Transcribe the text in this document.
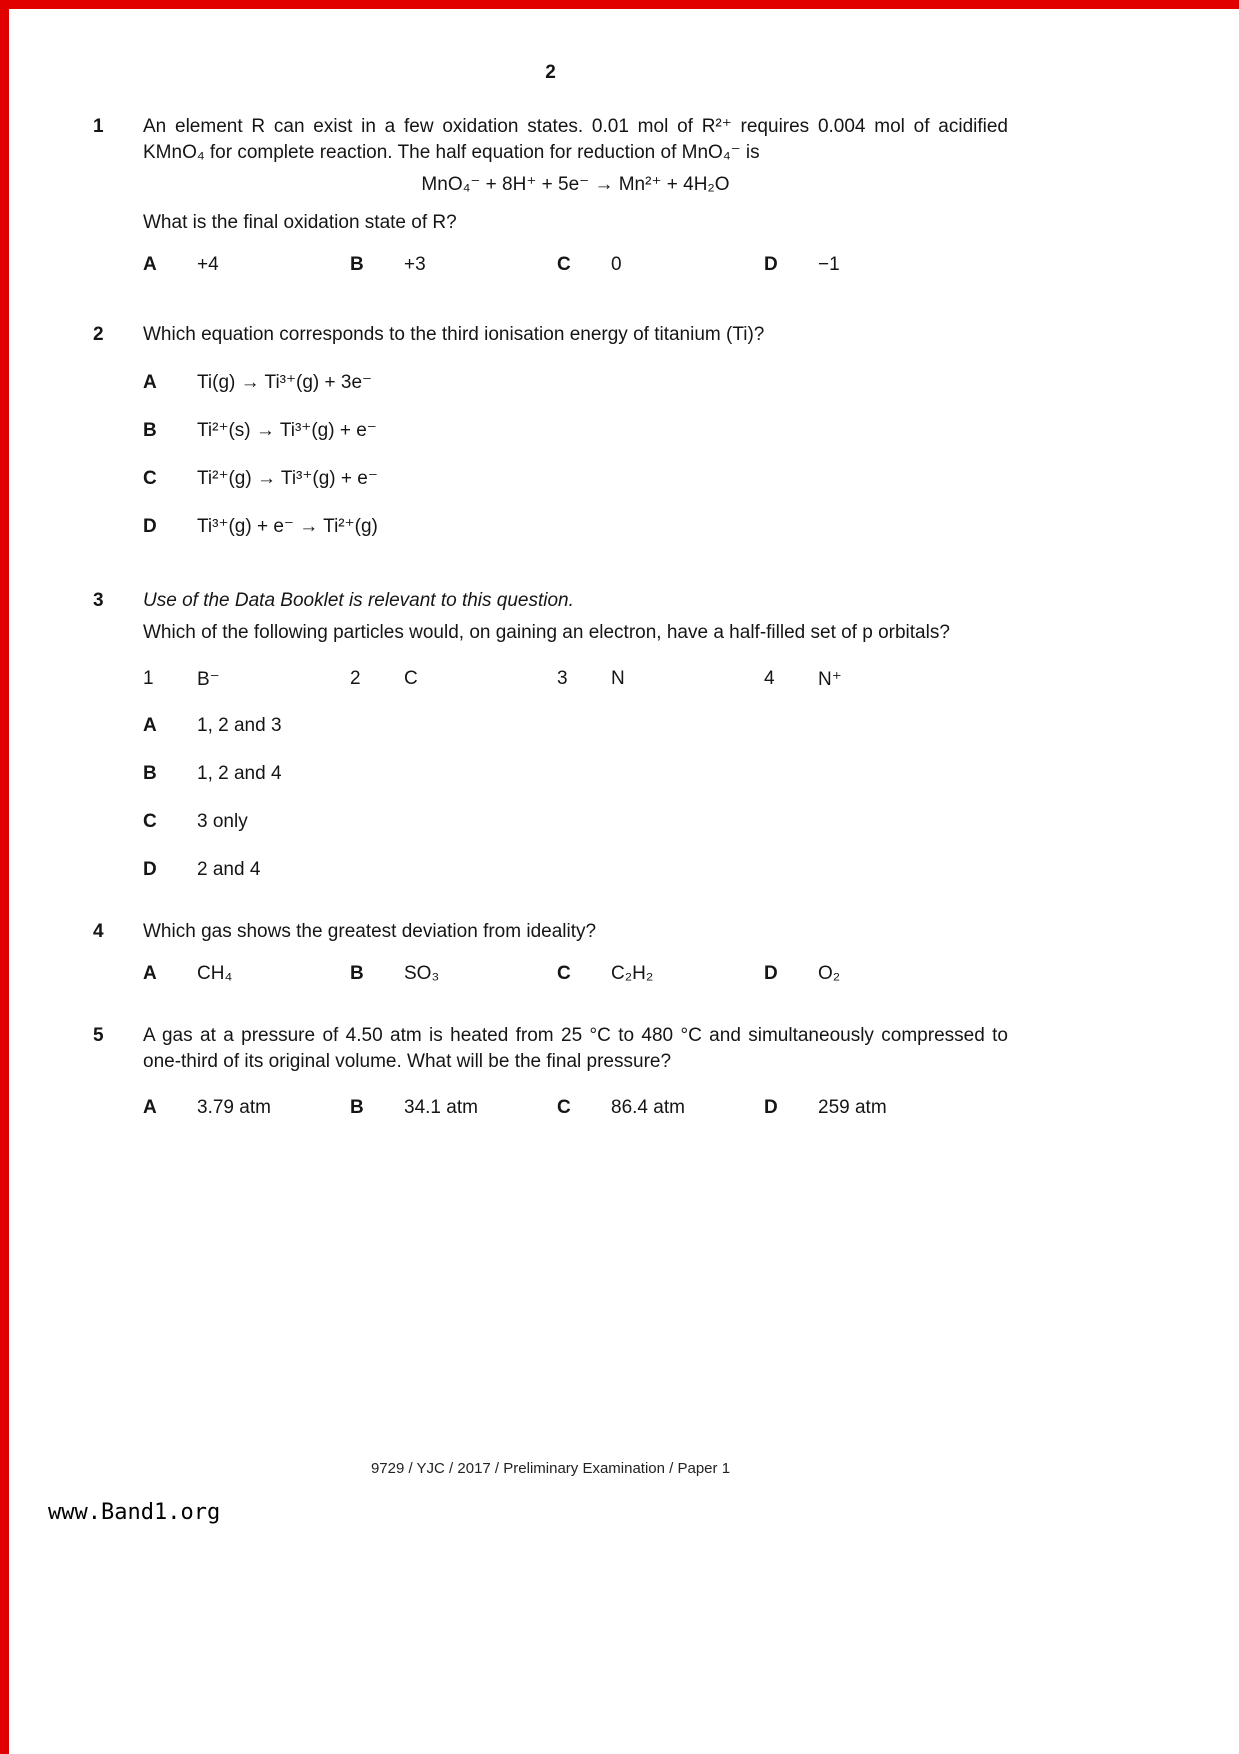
2
1	An element R can exist in a few oxidation states. 0.01 mol of R²⁺ requires 0.004 mol of acidified KMnO₄ for complete reaction. The half equation for reduction of MnO₄⁻ is

MnO₄⁻ + 8H⁺ + 5e⁻ → Mn²⁺ + 4H₂O

What is the final oxidation state of R?

A	+4	B	+3	C	0	D	−1
2	Which equation corresponds to the third ionisation energy of titanium (Ti)?

A	Ti(g) → Ti³⁺(g) + 3e⁻
B	Ti²⁺(s) → Ti³⁺(g) + e⁻
C	Ti²⁺(g) → Ti³⁺(g) + e⁻
D	Ti³⁺(g) + e⁻ → Ti²⁺(g)
3	Use of the Data Booklet is relevant to this question.

Which of the following particles would, on gaining an electron, have a half-filled set of p orbitals?

1	B⁻	2	C	3	N	4	N⁺
A	1, 2 and 3
B	1, 2 and 4
C	3 only
D	2 and 4
4	Which gas shows the greatest deviation from ideality?

A	CH₄	B	SO₃	C	C₂H₂	D	O₂
5	A gas at a pressure of 4.50 atm is heated from 25 °C to 480 °C and simultaneously compressed to one-third of its original volume. What will be the final pressure?

A	3.79 atm	B	34.1 atm	C	86.4 atm	D	259 atm
9729 / YJC / 2017 / Preliminary Examination / Paper 1
www.Band1.org
